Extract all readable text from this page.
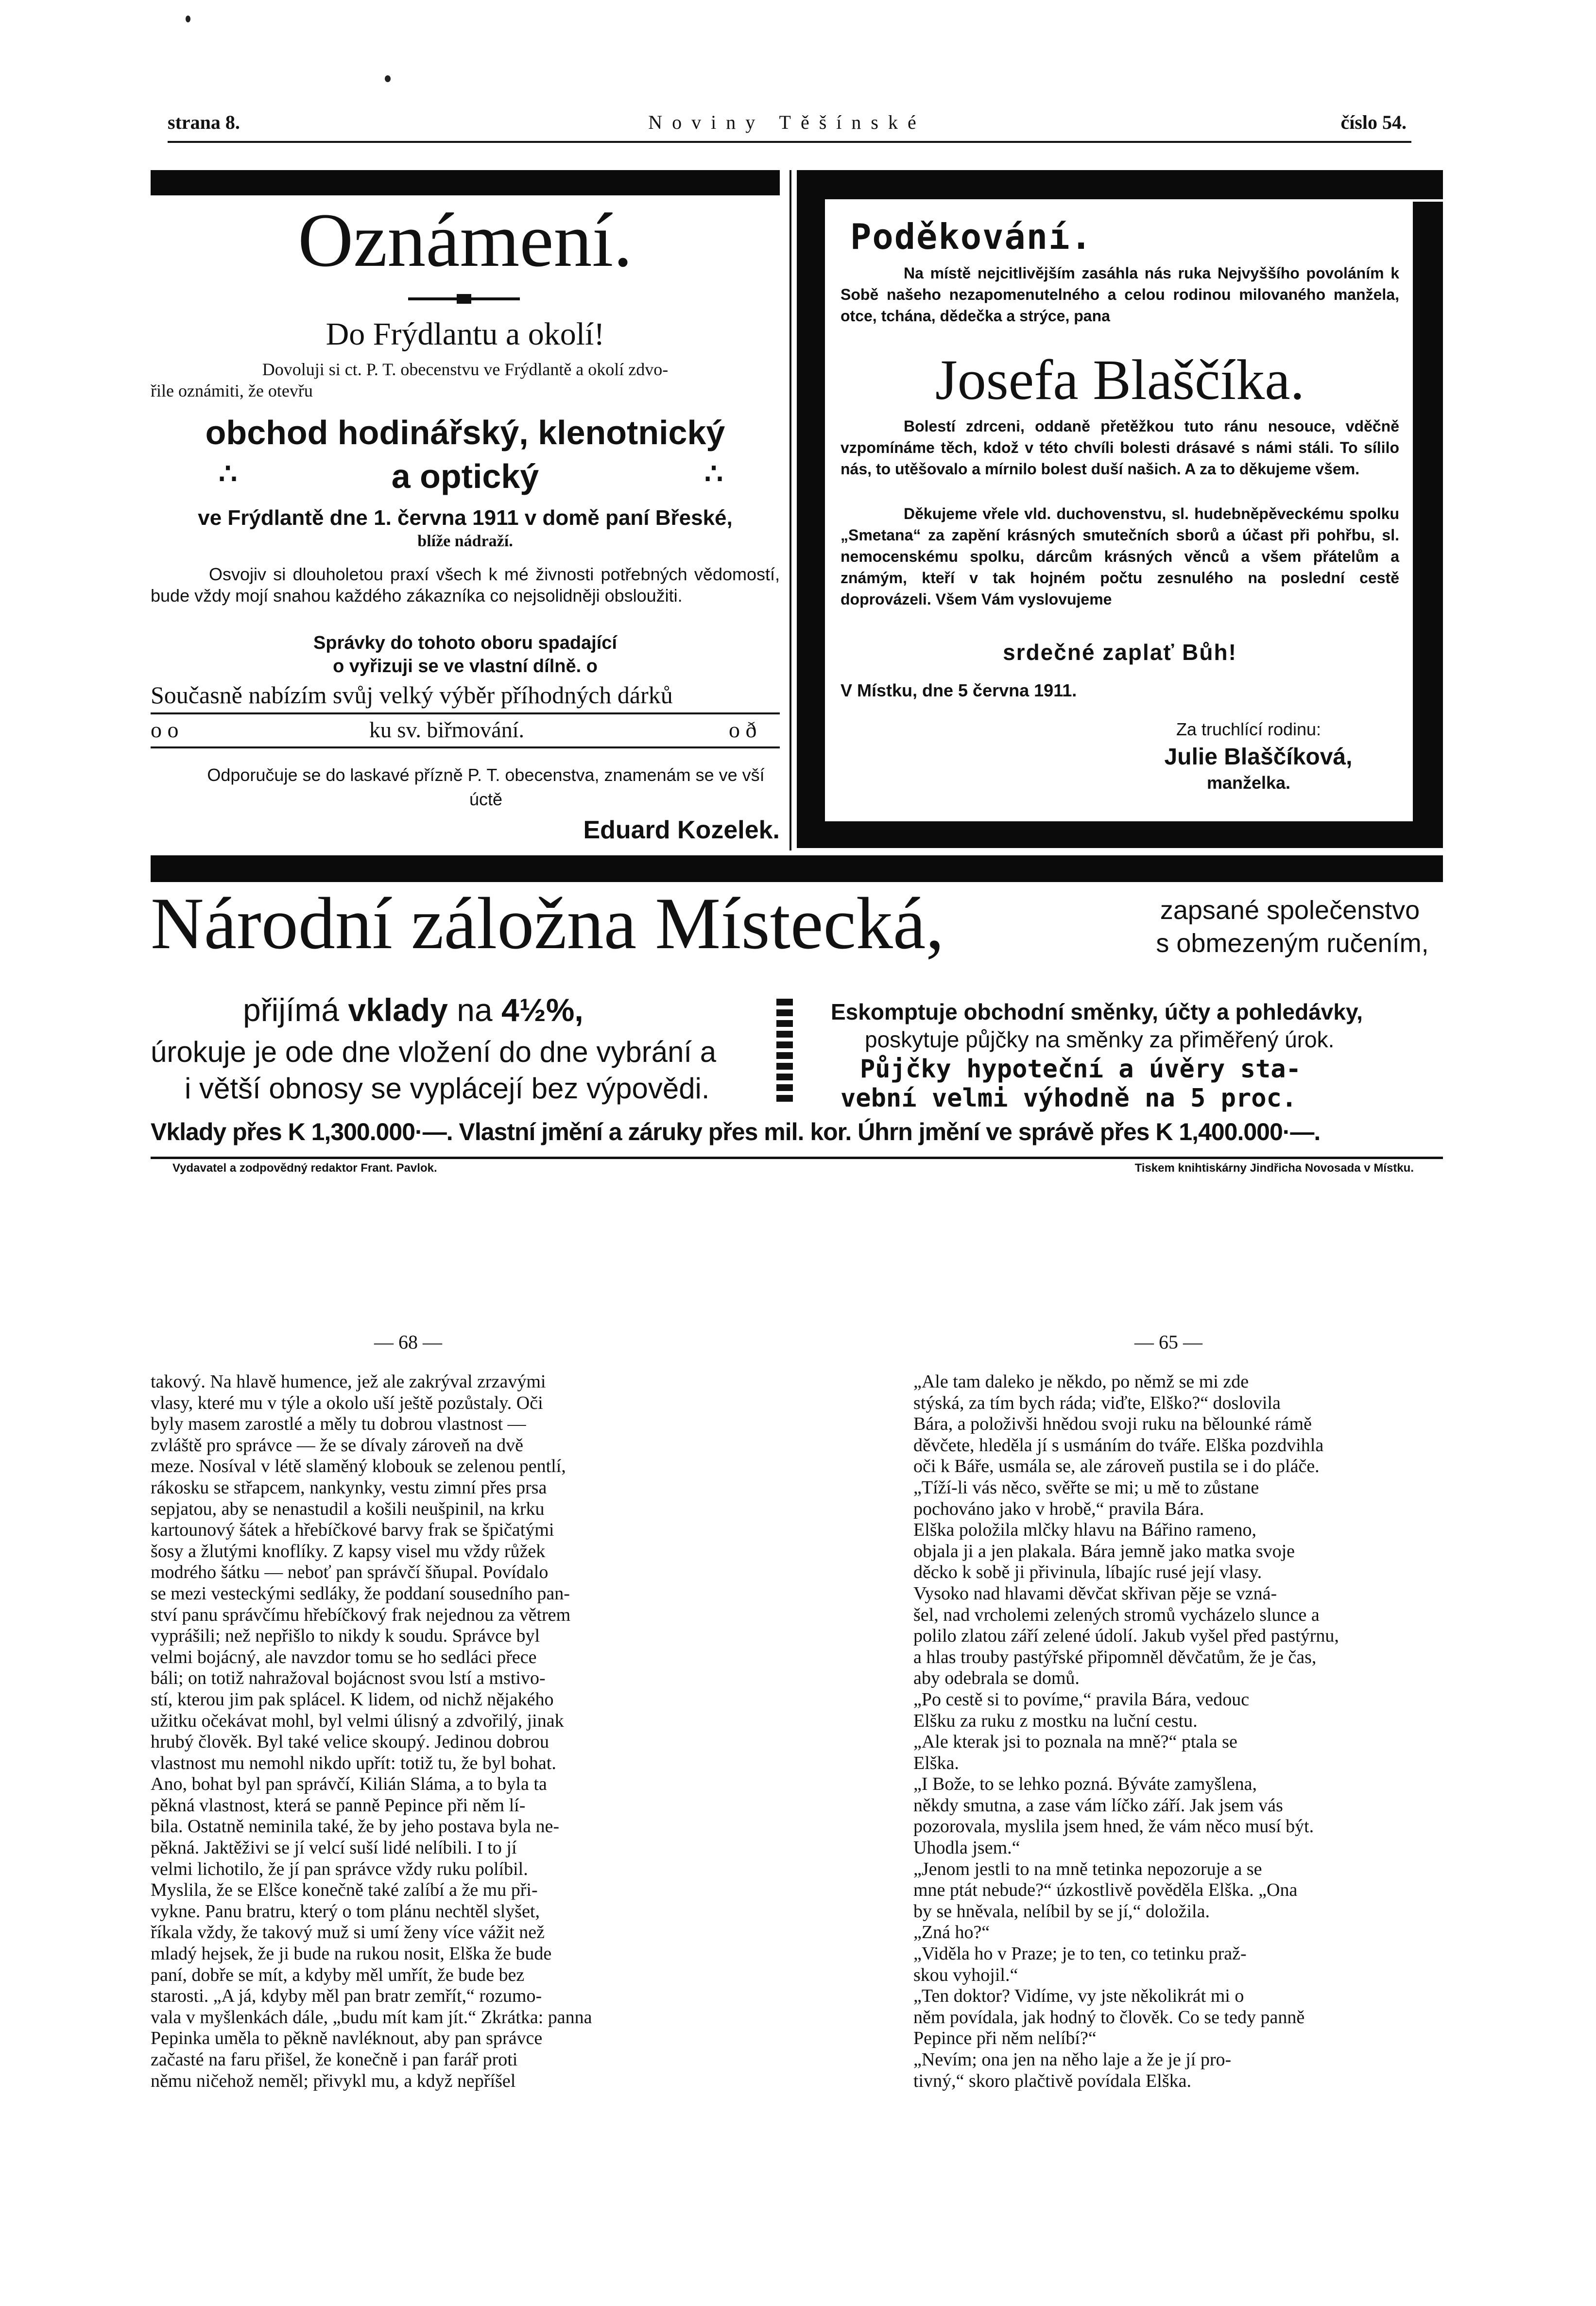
strana 8.	Noviny Těšínské	číslo 54.
Oznámení.
Do Frýdlantu a okolí!
Dovoluji si ct. P. T. obecenstvu ve Frýdlantě a okolí zdvo-
řile oznámiti, že otevřu
obchod hodinářský, klenotnický
∴	a optický	∴
ve Frýdlantě dne 1. června 1911 v domě paní Břeské,
blíže nádraží.
Osvojiv si dlouholetou praxí všech k mé živnosti potřebných vědomostí, bude vždy mojí snahou každého zákazníka co nejsolidněji obsloužiti.
Správky do tohoto oboru spadající
o vyřizuji se ve vlastní dílně. o
Současně nabízím svůj velký výběr příhodných dárků
o o	ku sv. biřmování.	o ð
Odporučuje se do laskavé přízně P. T. obecenstva, znamenám se ve vší úctě
Eduard Kozelek.
Poděkování.
Na místě nejcitlivějším zasáhla nás ruka Nejvyššího povoláním k Sobě našeho nezapomenutelného a celou rodinou milovaného manžela, otce, tchána, dědečka a strýce, pana
Josefa Blaščíka.
Bolestí zdrceni, oddaně přetěžkou tuto ránu nesouce, vděčně vzpomínáme těch, kdož v této chvíli bolesti drásavé s námi stáli. To sílilo nás, to utěšovalo a mírnilo bolest duší našich. A za to děkujeme všem.
Děkujeme vřele vld. duchovenstvu, sl. hudebněpěveckému spolku „Smetana“ za zapění krásných smutečních sborů a účast při pohřbu, sl. nemocenskému spolku, dárcům krásných věnců a všem přátelům a známým, kteří v tak hojném počtu zesnulého na poslední cestě doprovázeli. Všem Vám vyslovujeme
srdečné zaplať Bůh!
V Místku, dne 5 června 1911.
Za truchlící rodinu:
Julie Blaščíková,
manželka.
Národní záložna Místecká,	zapsané společenstvo
s obmezeným ručením,
přijímá vklady na 4½%,
úrokuje je ode dne vložení do dne vybrání a
i větší obnosy se vyplácejí bez výpovědi.
Eskomptuje obchodní směnky, účty a pohledávky,
poskytuje půjčky na směnky za přiměřený úrok.
Půjčky hypoteční a úvěry sta-
vební velmi výhodně na 5 proc.
Vklady přes K 1,300.000·—. Vlastní jmění a záruky přes mil. kor. Úhrn jmění ve správě přes K 1,400.000·—.
Vydavatel a zodpovědný redaktor Frant. Pavlok.	Tiskem knihtiskárny Jindřicha Novosada v Místku.
— 68 —	— 65 —
takový. Na hlavě humence, jež ale zakrýval zrzavými
vlasy, které mu v týle a okolo uší ještě pozůstaly. Oči
byly masem zarostlé a měly tu dobrou vlastnost —
zvláště pro správce — že se dívaly zároveň na dvě
meze. Nosíval v létě slaměný klobouk se zelenou pentlí,
rákosku se střapcem, nankynky, vestu zimní přes prsa
sepjatou, aby se nenastudil a košili neušpinil, na krku
kartounový šátek a hřebíčkové barvy frak se špičatými
šosy a žlutými knoflíky. Z kapsy visel mu vždy růžek
modrého šátku — neboť pan správčí šňupal. Povídalo
se mezi vesteckými sedláky, že poddaní sousedního pan-
ství panu správčímu hřebíčkový frak nejednou za větrem
vyprášili; než nepřišlo to nikdy k soudu. Správce byl
velmi bojácný, ale navzdor tomu se ho sedláci přece
báli; on totiž nahražoval bojácnost svou lstí a mstivo-
stí, kterou jim pak splácel. K lidem, od nichž nějakého
užitku očekávat mohl, byl velmi úlisný a zdvořilý, jinak
hrubý člověk. Byl také velice skoupý. Jedinou dobrou
vlastnost mu nemohl nikdo upřít: totiž tu, že byl bohat.
Ano, bohat byl pan správčí, Kilián Sláma, a to byla ta
pěkná vlastnost, která se panně Pepince při něm lí-
bila. Ostatně neminila také, že by jeho postava byla ne-
pěkná. Jaktěživi se jí velcí suší lidé nelíbili. I to jí
velmi lichotilo, že jí pan správce vždy ruku políbil.
Myslila, že se Elšce konečně také zalíbí a že mu při-
vykne. Panu bratru, který o tom plánu nechtěl slyšet,
říkala vždy, že takový muž si umí ženy více vážit než
mladý hejsek, že ji bude na rukou nosit, Elška že bude
paní, dobře se mít, a kdyby měl umřít, že bude bez
starosti. „A já, kdyby měl pan bratr zemřít,“ rozumo-
vala v myšlenkách dále, „budu mít kam jít.“ Zkrátka: panna
Pepinka uměla to pěkně navléknout, aby pan správce
začasté na faru přišel, že konečně i pan farář proti
němu ničehož neměl; přivykl mu, a když nepříšel
„Ale tam daleko je někdo, po němž se mi zde
stýská, za tím bych ráda; viďte, Elško?“ doslovila
Bára, a položivši hnědou svoji ruku na bělounké rámě
děvčete, hleděla jí s usmáním do tváře. Elška pozdvihla
oči k Báře, usmála se, ale zároveň pustila se i do pláče.
„Tíží-li vás něco, svěřte se mi; u mě to zůstane
pochováno jako v hrobě,“ pravila Bára.
Elška položila mlčky hlavu na Bářino rameno,
objala ji a jen plakala. Bára jemně jako matka svoje
děcko k sobě ji přivinula, líbajíc rusé její vlasy.
Vysoko nad hlavami děvčat skřivan pěje se vzná-
šel, nad vrcholemi zelených stromů vycházelo slunce a
polilo zlatou září zelené údolí. Jakub vyšel před pastýrnu,
a hlas trouby pastýřské připomněl děvčatům, že je čas,
aby odebrala se domů.
„Po cestě si to povíme,“ pravila Bára, vedouc
Elšku za ruku z mostku na luční cestu.
„Ale kterak jsi to poznala na mně?“ ptala se
Elška.
„I Bože, to se lehko pozná. Býváte zamyšlena,
někdy smutna, a zase vám líčko září. Jak jsem vás
pozorovala, myslila jsem hned, že vám něco musí být.
Uhodla jsem.“
„Jenom jestli to na mně tetinka nepozoruje a se
mne ptát nebude?“ úzkostlivě pověděla Elška. „Ona
by se hněvala, nelíbil by se jí,“ doložila.
„Zná ho?“
„Viděla ho v Praze; je to ten, co tetinku praž-
skou vyhojil.“
„Ten doktor? Vidíme, vy jste několikrát mi o
něm povídala, jak hodný to člověk. Co se tedy panně
Pepince při něm nelíbí?“
„Nevím; ona jen na něho laje a že je jí pro-
tivný,“ skoro plačtivě povídala Elška.
